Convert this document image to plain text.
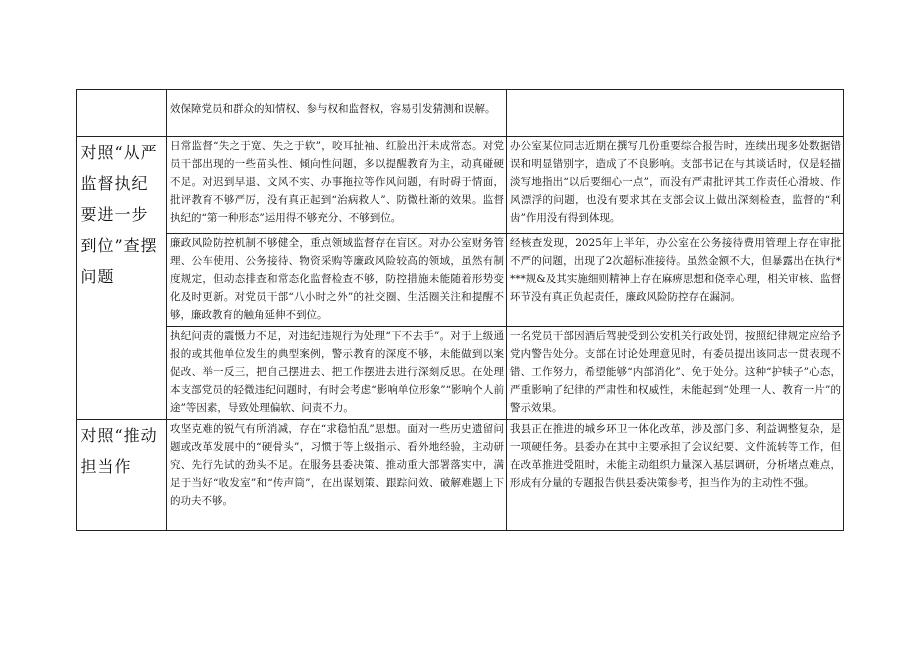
	效保障党员和群众的知情权、参与权和监督权，容易引发猜测和误解。	

对照“从严监督执纪要进一步到位”查摆问题	日常监督“失之于宽、失之于软”，咬耳扯袖、红脸出汗未成常态。对党员干部出现的一些苗头性、倾向性问题，多以提醒教育为主，动真碰硬不足。对迟到早退、文风不实、办事拖拉等作风问题，有时碍于情面，批评教育不够严厉，没有真正起到“治病救人”、防微杜渐的效果。监督执纪的“第一种形态”运用得不够充分、不够到位。	办公室某位同志近期在撰写几份重要综合报告时，连续出现多处数据错误和明显错别字，造成了不良影响。支部书记在与其谈话时，仅是轻描淡写地指出“以后要细心一点”，而没有严肃批评其工作责任心滑坡、作风漂浮的问题，也没有要求其在支部会议上做出深刻检查，监督的“利齿”作用没有得到体现。

	廉政风险防控机制不够健全，重点领域监督存在盲区。对办公室财务管理、公车使用、公务接待、物资采购等廉政风险较高的领域，虽然有制度规定，但动态排查和常态化监督检查不够，防控措施未能随着形势变化及时更新。对党员干部“八小时之外”的社交圈、生活圈关注和提醒不够，廉政教育的触角延伸不到位。	经核查发现，2025年上半年，办公室在公务接待费用管理上存在审批不严的问题，出现了2次超标准接待。虽然金额不大，但暴露出在执行****规&及其实施细则精神上存在麻痹思想和侥幸心理，相关审核、监督环节没有真正负起责任，廉政风险防控存在漏洞。

	执纪问责的震慑力不足，对违纪违规行为处理“下不去手”。对于上级通报的或其他单位发生的典型案例，警示教育的深度不够，未能做到以案促改、举一反三，把自己摆进去、把工作摆进去进行深刻反思。在处理本支部党员的轻微违纪问题时，有时会考虑“影响单位形象”“影响个人前途”等因素，导致处理偏软、问责不力。	一名党员干部因酒后驾驶受到公安机关行政处罚，按照纪律规定应给予党内警告处分。支部在讨论处理意见时，有委员提出该同志一贯表现不错、工作努力，希望能够“内部消化”、免于处分。这种“护犊子”心态，严重影响了纪律的严肃性和权威性，未能起到“处理一人、教育一片”的警示效果。

对照“推动担当作	攻坚克难的锐气有所消减，存在“求稳怕乱”思想。面对一些历史遗留问题或改革发展中的“硬骨头”，习惯于等上级指示、看外地经验，主动研究、先行先试的劲头不足。在服务县委决策、推动重大部署落实中，满足于当好“收发室”和“传声筒”，在出谋划策、跟踪问效、破解难题上下的功夫不够。	我县正在推进的城乡环卫一体化改革，涉及部门多、利益调整复杂，是一项硬任务。县委办在其中主要承担了会议纪要、文件流转等工作，但在改革推进受阻时，未能主动组织力量深入基层调研，分析堵点难点，形成有分量的专题报告供县委决策参考，担当作为的主动性不强。
